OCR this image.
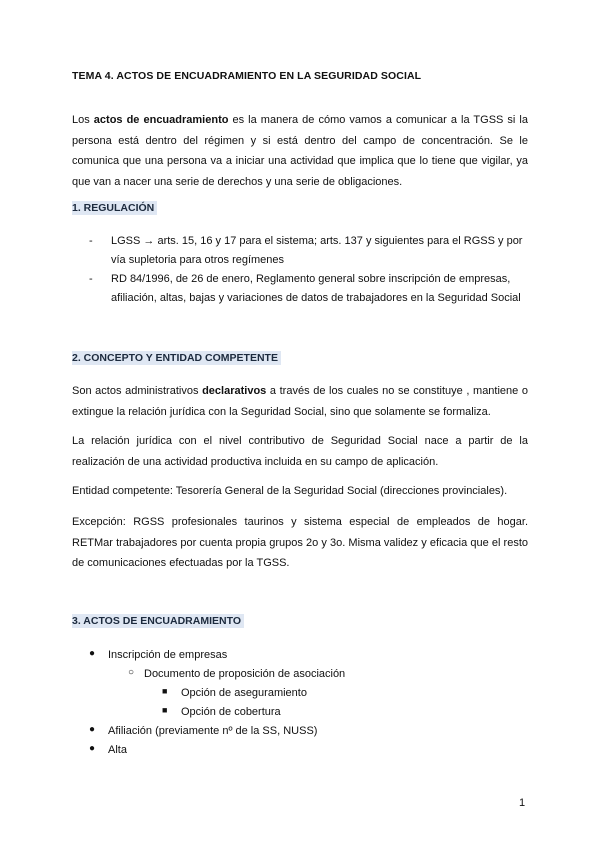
TEMA 4. ACTOS DE ENCUADRAMIENTO EN LA SEGURIDAD SOCIAL
Los actos de encuadramiento es la manera de cómo vamos a comunicar a la TGSS si la persona está dentro del régimen y si está dentro del campo de concentración. Se le comunica que una persona va a iniciar una actividad que implica que lo tiene que vigilar, ya que van a nacer una serie de derechos y una serie de obligaciones.
1. REGULACIÓN
- LGSS → arts. 15, 16 y 17 para el sistema; arts. 137 y siguientes para el RGSS y por vía supletoria para otros regímenes
- RD 84/1996, de 26 de enero, Reglamento general sobre inscripción de empresas, afiliación, altas, bajas y variaciones de datos de trabajadores en la Seguridad Social
2. CONCEPTO Y ENTIDAD COMPETENTE
Son actos administrativos declarativos a través de los cuales no se constituye , mantiene o extingue la relación jurídica con la Seguridad Social, sino que solamente se formaliza.
La relación jurídica con el nivel contributivo de Seguridad Social nace a partir de la realización de una actividad productiva incluida en su campo de aplicación.
Entidad competente: Tesorería General de la Seguridad Social (direcciones provinciales).
Excepción: RGSS profesionales taurinos y sistema especial de empleados de hogar. RETMar trabajadores por cuenta propia grupos 2o y 3o. Misma validez y eficacia que el resto de comunicaciones efectuadas por la TGSS.
3. ACTOS DE ENCUADRAMIENTO
● Inscripción de empresas
○ Documento de proposición de asociación
■ Opción de aseguramiento
■ Opción de cobertura
● Afiliación (previamente nº de la SS, NUSS)
● Alta
1
